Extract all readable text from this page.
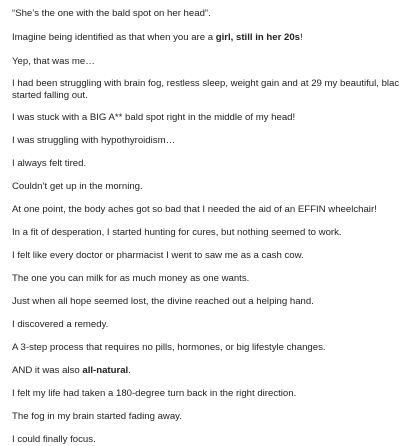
“She’s the one with the bald spot on her head”.
Imagine being identified as that when you are a girl, still in her 20s!
Yep, that was me…
I had been struggling with brain fog, restless sleep, weight gain and at 29 my beautiful, blac
started falling out.
I was stuck with a BIG A** bald spot right in the middle of my head!
I was struggling with hypothyroidism…
I always felt tired.
Couldn’t get up in the morning.
At one point, the body aches got so bad that I needed the aid of an EFFIN wheelchair!
In a fit of desperation, I started hunting for cures, but nothing seemed to work.
I felt like every doctor or pharmacist I went to saw me as a cash cow.
The one you can milk for as much money as one wants.
Just when all hope seemed lost, the divine reached out a helping hand.
I discovered a remedy.
A 3-step process that requires no pills, hormones, or big lifestyle changes.
AND it was also all-natural.
I felt my life had taken a 180-degree turn back in the right direction.
The fog in my brain started fading away.
I could finally focus.
